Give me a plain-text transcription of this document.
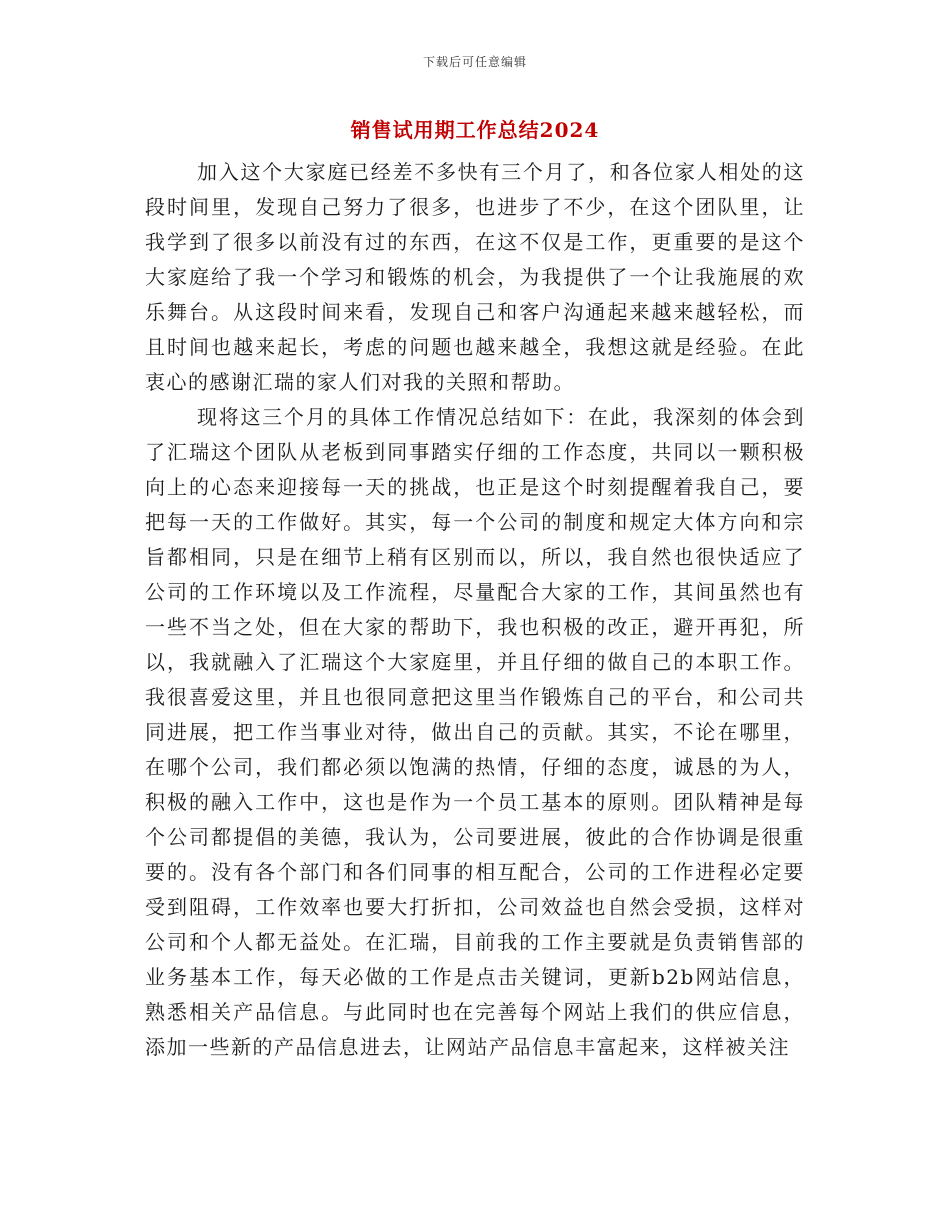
下载后可任意编辑
销售试用期工作总结2024

加入这个大家庭已经差不多快有三个月了，和各位家人相处的这段时间里，发现自己努力了很多，也进步了不少，在这个团队里，让我学到了很多以前没有过的东西，在这不仅是工作，更重要的是这个大家庭给了我一个学习和锻炼的机会，为我提供了一个让我施展的欢乐舞台。从这段时间来看，发现自己和客户沟通起来越来越轻松，而且时间也越来起长，考虑的问题也越来越全，我想这就是经验。在此衷心的感谢汇瑞的家人们对我的关照和帮助。

现将这三个月的具体工作情况总结如下：在此，我深刻的体会到了汇瑞这个团队从老板到同事踏实仔细的工作态度，共同以一颗积极向上的心态来迎接每一天的挑战，也正是这个时刻提醒着我自己，要把每一天的工作做好。其实，每一个公司的制度和规定大体方向和宗旨都相同，只是在细节上稍有区别而以，所以，我自然也很快适应了公司的工作环境以及工作流程，尽量配合大家的工作，其间虽然也有一些不当之处，但在大家的帮助下，我也积极的改正，避开再犯，所以，我就融入了汇瑞这个大家庭里，并且仔细的做自己的本职工作。我很喜爱这里，并且也很同意把这里当作锻炼自己的平台，和公司共同进展，把工作当事业对待，做出自己的贡献。其实，不论在哪里，在哪个公司，我们都必须以饱满的热情，仔细的态度，诚恳的为人，积极的融入工作中，这也是作为一个员工基本的原则。团队精神是每个公司都提倡的美德，我认为，公司要进展，彼此的合作协调是很重要的。没有各个部门和各们同事的相互配合，公司的工作进程必定要受到阻碍，工作效率也要大打折扣，公司效益也自然会受损，这样对公司和个人都无益处。在汇瑞，目前我的工作主要就是负责销售部的业务基本工作，每天必做的工作是点击关键词，更新b2b网站信息，熟悉相关产品信息。与此同时也在完善每个网站上我们的供应信息，添加一些新的产品信息进去，让网站产品信息丰富起来，这样被关注
